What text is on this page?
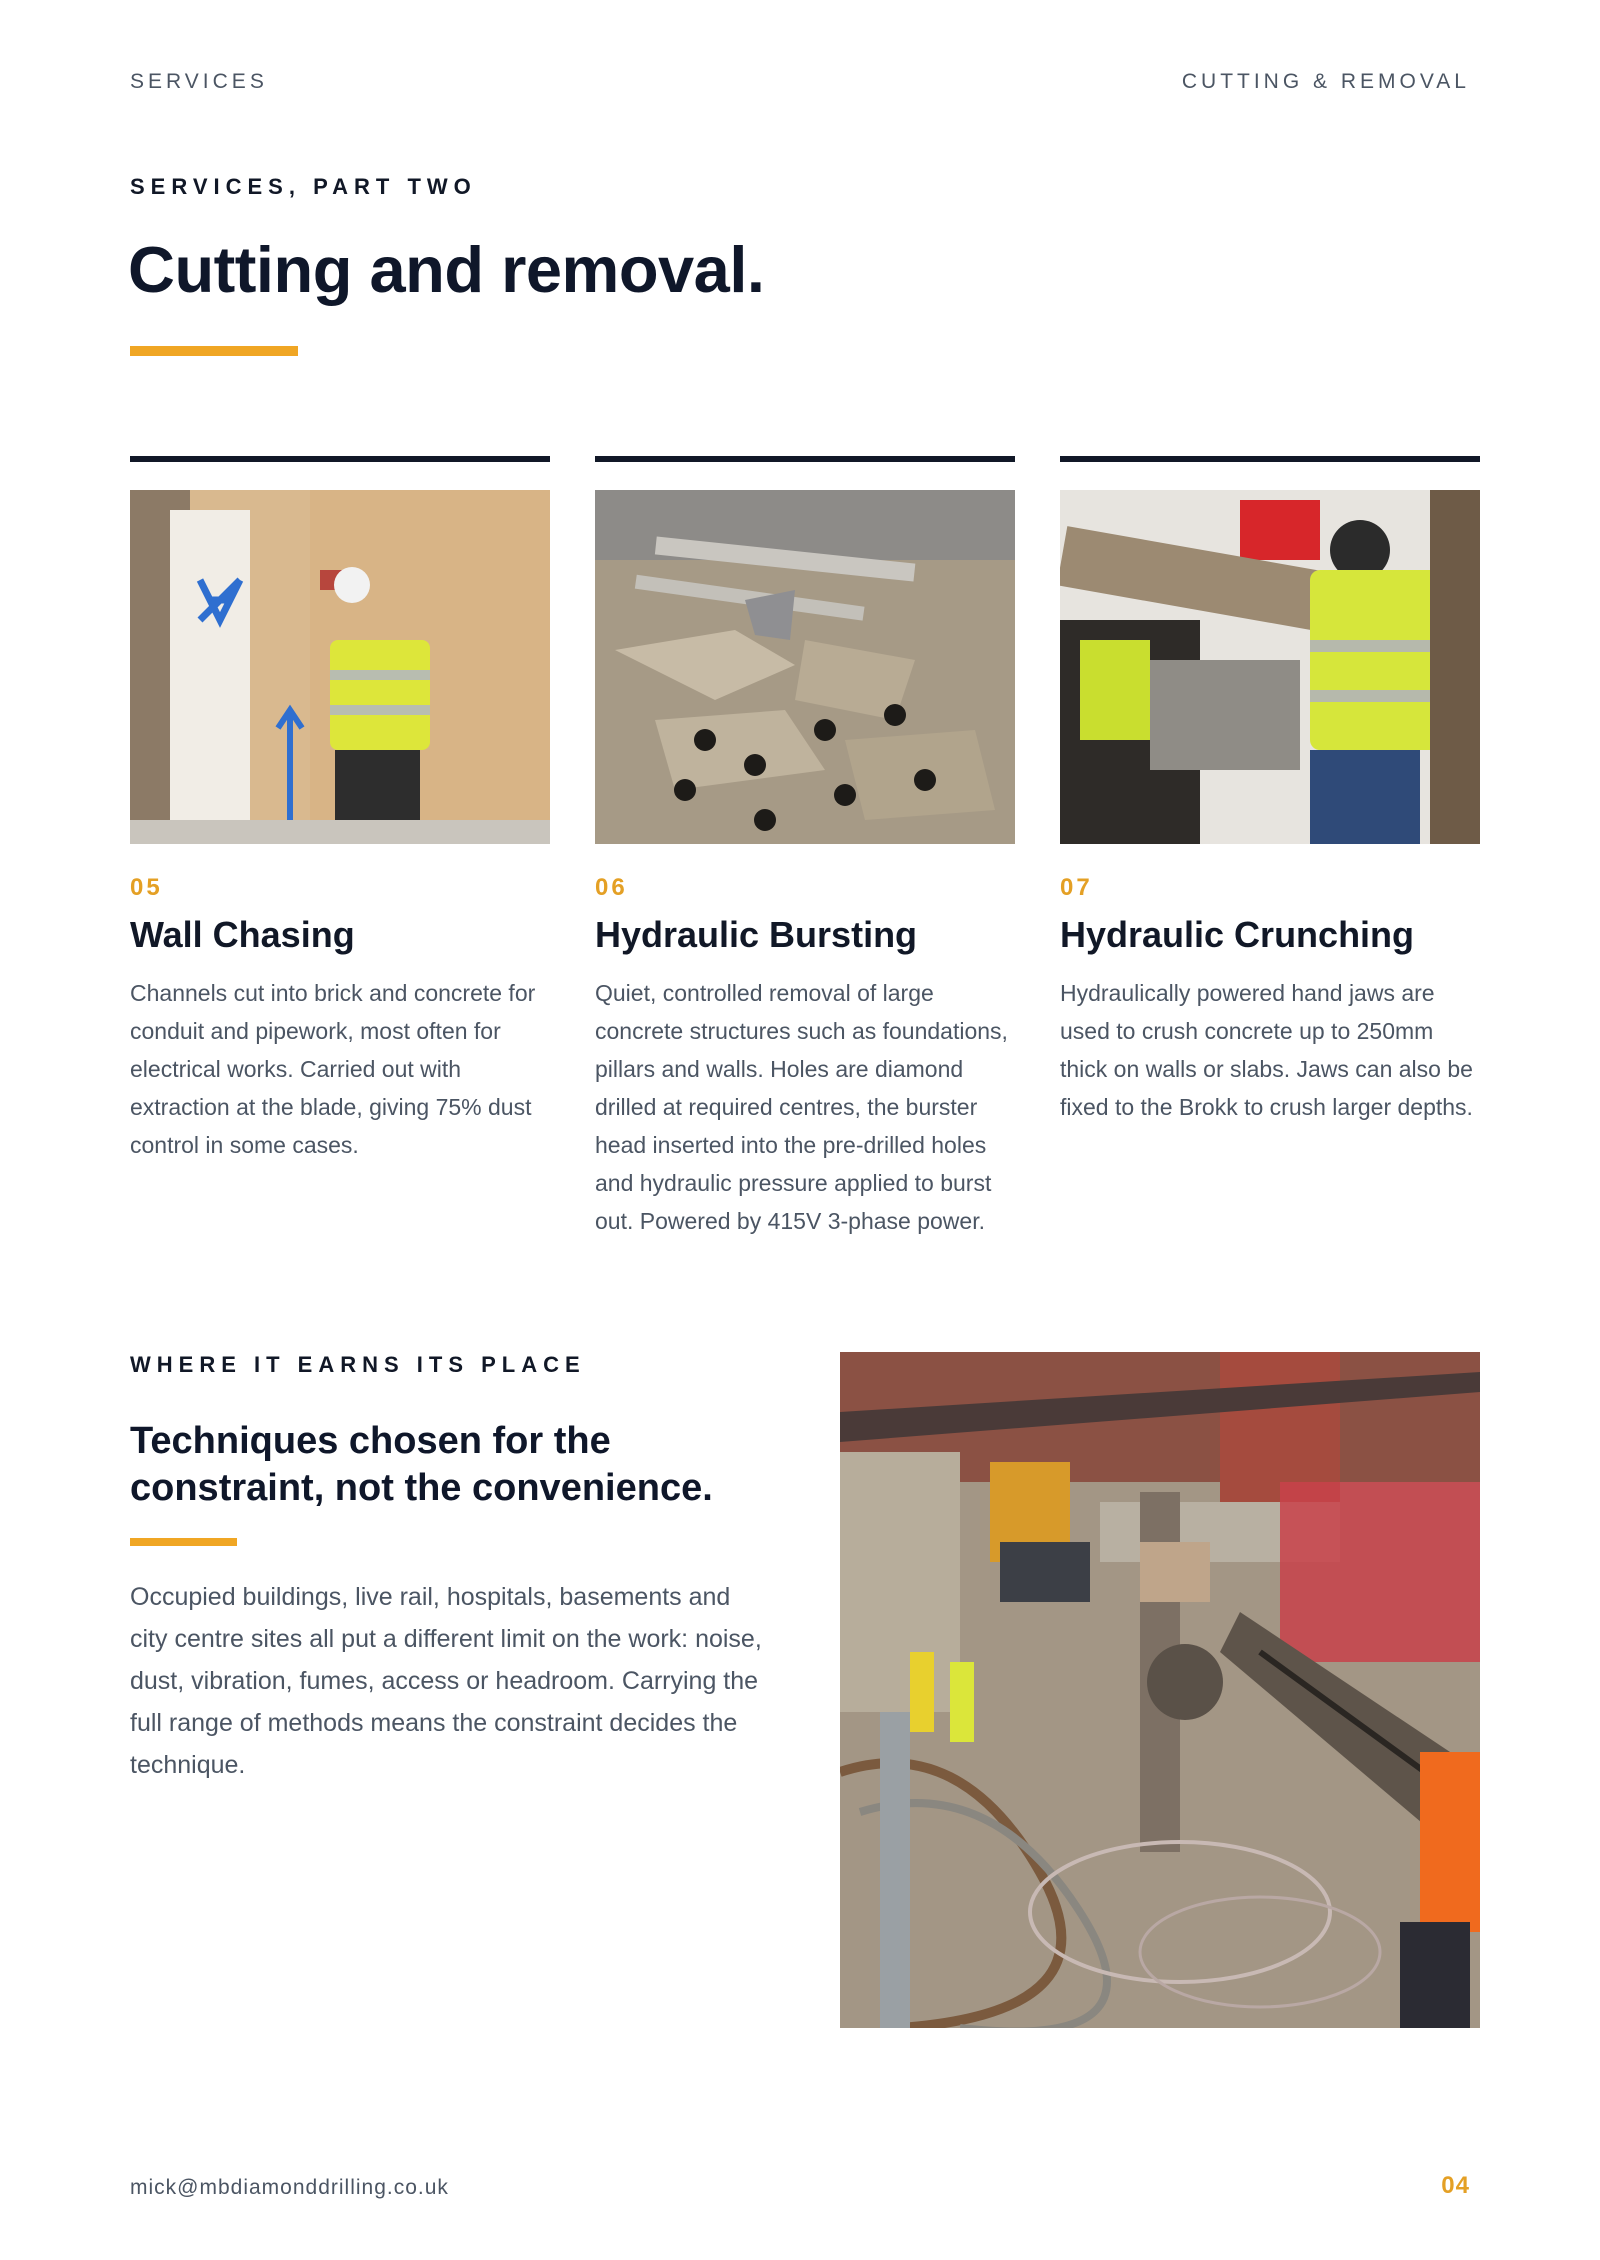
SERVICES	CUTTING & REMOVAL
SERVICES, PART TWO
Cutting and removal.
05
Wall Chasing
Channels cut into brick and concrete for conduit and pipework, most often for electrical works. Carried out with extraction at the blade, giving 75% dust control in some cases.
06
Hydraulic Bursting
Quiet, controlled removal of large concrete structures such as foundations, pillars and walls. Holes are diamond drilled at required centres, the burster head inserted into the pre-drilled holes and hydraulic pressure applied to burst out. Powered by 415V 3-phase power.
07
Hydraulic Crunching
Hydraulically powered hand jaws are used to crush concrete up to 250mm thick on walls or slabs. Jaws can also be fixed to the Brokk to crush larger depths.
WHERE IT EARNS ITS PLACE
Techniques chosen for the constraint, not the convenience.

Occupied buildings, live rail, hospitals, basements and city centre sites all put a different limit on the work: noise, dust, vibration, fumes, access or headroom. Carrying the full range of methods means the constraint decides the technique.

mick@mbdiamonddrilling.co.uk	04
